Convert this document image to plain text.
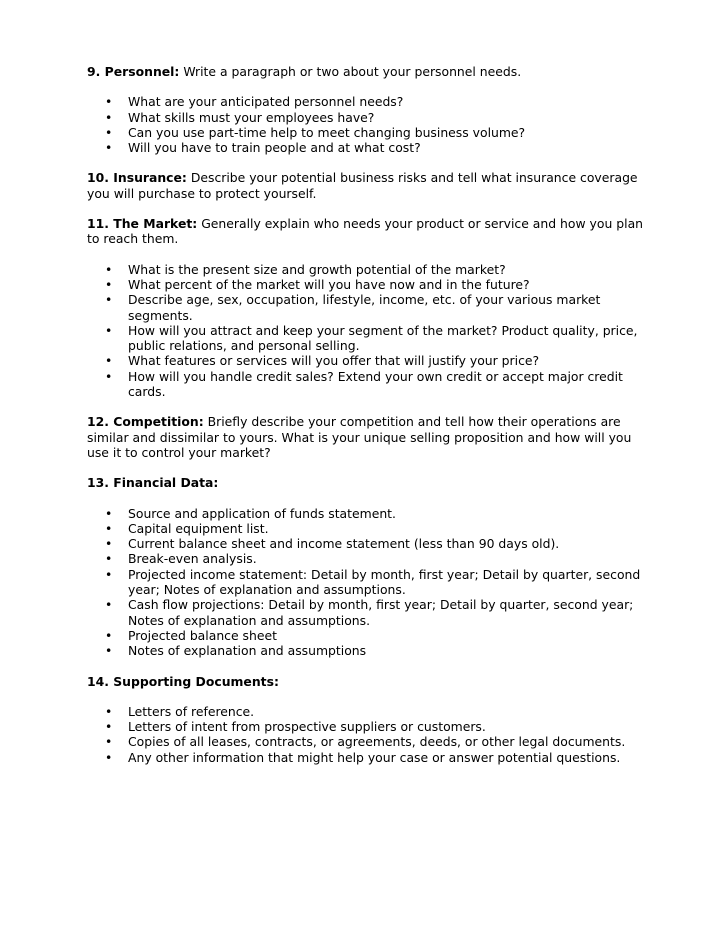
9. Personnel: Write a paragraph or two about your personnel needs.

• What are your anticipated personnel needs?
• What skills must your employees have?
• Can you use part-time help to meet changing business volume?
• Will you have to train people and at what cost?

10. Insurance: Describe your potential business risks and tell what insurance coverage you will purchase to protect yourself.

11. The Market: Generally explain who needs your product or service and how you plan to reach them.

• What is the present size and growth potential of the market?
• What percent of the market will you have now and in the future?
• Describe age, sex, occupation, lifestyle, income, etc. of your various market segments.
• How will you attract and keep your segment of the market? Product quality, price, public relations, and personal selling.
• What features or services will you offer that will justify your price?
• How will you handle credit sales? Extend your own credit or accept major credit cards.

12. Competition: Briefly describe your competition and tell how their operations are similar and dissimilar to yours. What is your unique selling proposition and how will you use it to control your market?

13. Financial Data:

• Source and application of funds statement.
• Capital equipment list.
• Current balance sheet and income statement (less than 90 days old).
• Break-even analysis.
• Projected income statement: Detail by month, first year; Detail by quarter, second year; Notes of explanation and assumptions.
• Cash flow projections: Detail by month, first year; Detail by quarter, second year; Notes of explanation and assumptions.
• Projected balance sheet
• Notes of explanation and assumptions

14. Supporting Documents:

• Letters of reference.
• Letters of intent from prospective suppliers or customers.
• Copies of all leases, contracts, or agreements, deeds, or other legal documents.
• Any other information that might help your case or answer potential questions.
